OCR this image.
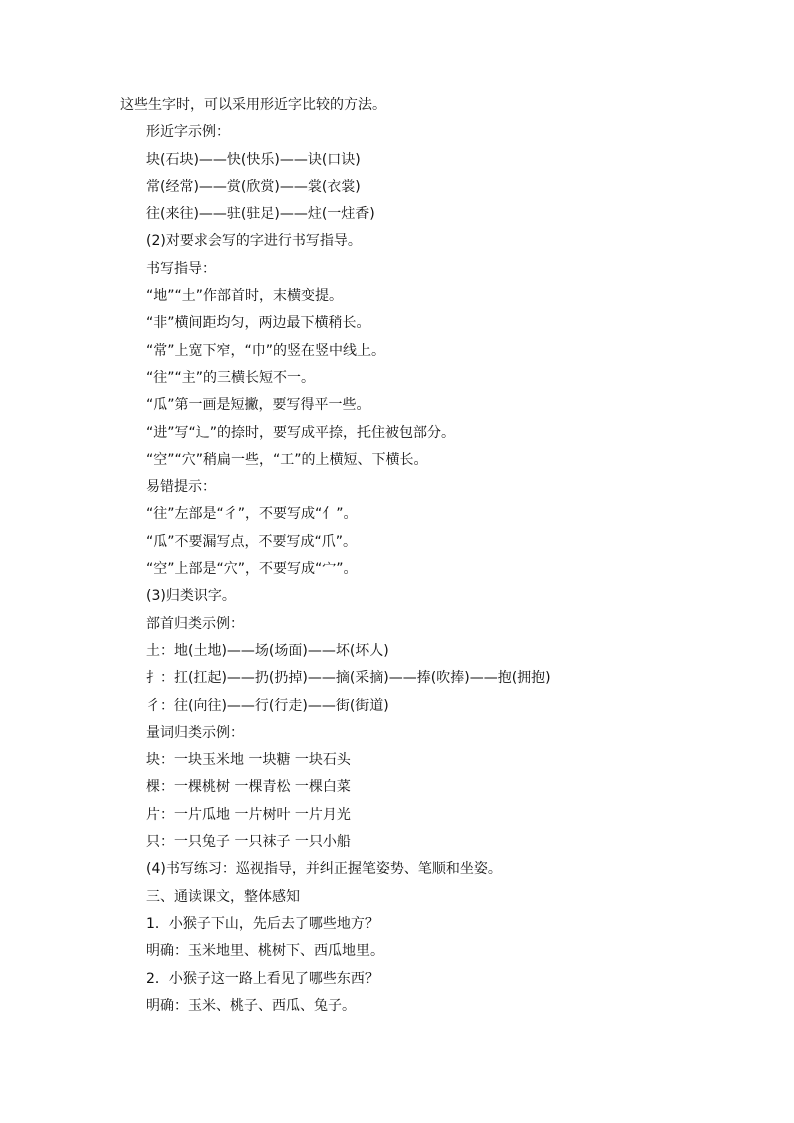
这些生字时，可以采用形近字比较的方法。
形近字示例：
块(石块)——快(快乐)——诀(口诀)
常(经常)——赏(欣赏)——裳(衣裳)
往(来往)——驻(驻足)——炷(一炷香)
(2)对要求会写的字进行书写指导。
书写指导：
“地”“土”作部首时，末横变提。
“非”横间距均匀，两边最下横稍长。
“常”上宽下窄，“巾”的竖在竖中线上。
“往”“主”的三横长短不一。
“瓜”第一画是短撇，要写得平一些。
“进”写“辶”的捺时，要写成平捺，托住被包部分。
“空”“穴”稍扁一些，“工”的上横短、下横长。
易错提示：
“往”左部是“彳”，不要写成“亻”。
“瓜”不要漏写点，不要写成“爪”。
“空”上部是“穴”，不要写成“宀”。
(3)归类识字。
部首归类示例：
土：地(土地)——场(场面)——坏(坏人)
扌：扛(扛起)——扔(扔掉)——摘(采摘)——捧(吹捧)——抱(拥抱)
彳：往(向往)——行(行走)——街(街道)
量词归类示例：
块：一块玉米地 一块糖 一块石头
棵：一棵桃树 一棵青松 一棵白菜
片：一片瓜地 一片树叶 一片月光
只：一只兔子 一只袜子 一只小船
(4)书写练习：巡视指导，并纠正握笔姿势、笔顺和坐姿。
三、通读课文，整体感知
1．小猴子下山，先后去了哪些地方？
明确：玉米地里、桃树下、西瓜地里。
2．小猴子这一路上看见了哪些东西？
明确：玉米、桃子、西瓜、兔子。
